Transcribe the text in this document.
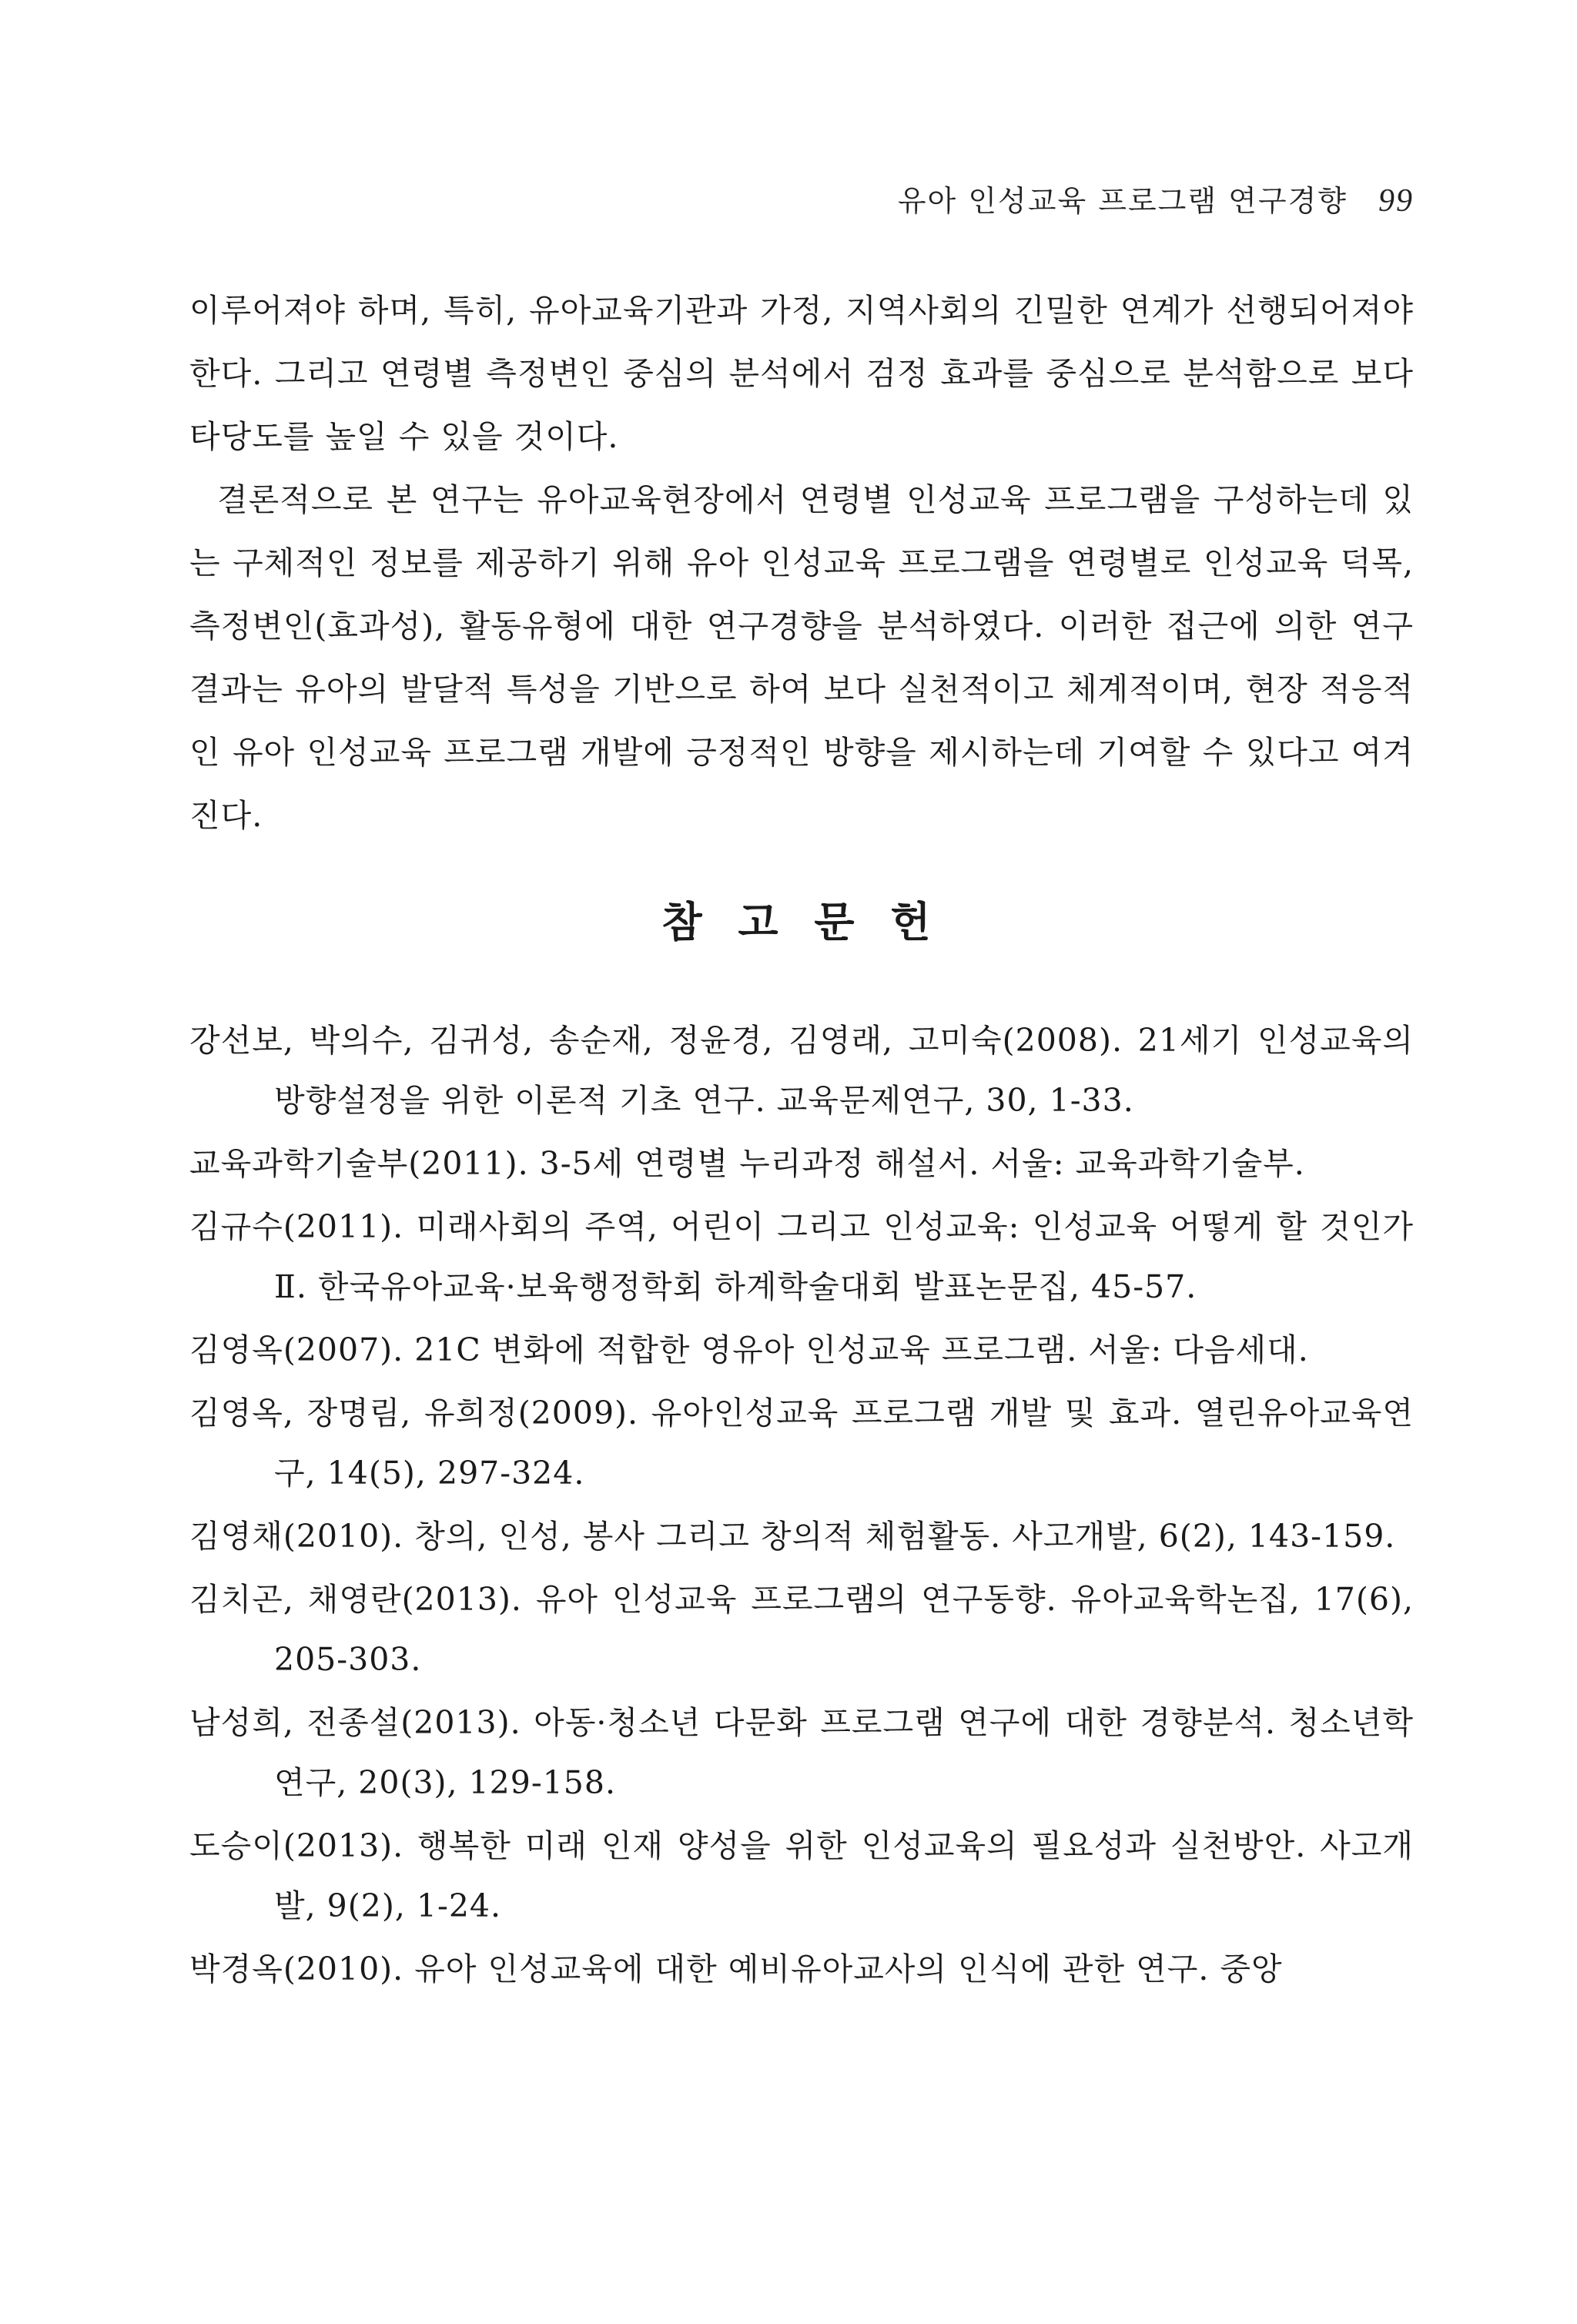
유아 인성교육 프로그램 연구경향 99

이루어져야 하며, 특히, 유아교육기관과 가정, 지역사회의 긴밀한 연계가 선행되어져야 한다. 그리고 연령별 측정변인 중심의 분석에서 검정 효과를 중심으로 분석함으로 보다 타당도를 높일 수 있을 것이다.

결론적으로 본 연구는 유아교육현장에서 연령별 인성교육 프로그램을 구성하는데 있는 구체적인 정보를 제공하기 위해 유아 인성교육 프로그램을 연령별로 인성교육 덕목, 측정변인(효과성), 활동유형에 대한 연구경향을 분석하였다. 이러한 접근에 의한 연구결과는 유아의 발달적 특성을 기반으로 하여 보다 실천적이고 체계적이며, 현장 적응적인 유아 인성교육 프로그램 개발에 긍정적인 방향을 제시하는데 기여할 수 있다고 여겨진다.

참 고 문 헌
강선보, 박의수, 김귀성, 송순재, 정윤경, 김영래, 고미숙(2008). 21세기 인성교육의 방향설정을 위한 이론적 기초 연구. 교육문제연구, 30, 1-33.
교육과학기술부(2011). 3-5세 연령별 누리과정 해설서. 서울: 교육과학기술부.
김규수(2011). 미래사회의 주역, 어린이 그리고 인성교육: 인성교육 어떻게 할 것인가 Ⅱ. 한국유아교육·보육행정학회 하계학술대회 발표논문집, 45-57.
김영옥(2007). 21C 변화에 적합한 영유아 인성교육 프로그램. 서울: 다음세대.
김영옥, 장명림, 유희정(2009). 유아인성교육 프로그램 개발 및 효과. 열린유아교육연구, 14(5), 297-324.
김영채(2010). 창의, 인성, 봉사 그리고 창의적 체험활동. 사고개발, 6(2), 143-159.
김치곤, 채영란(2013). 유아 인성교육 프로그램의 연구동향. 유아교육학논집, 17(6), 205-303.
남성희, 전종설(2013). 아동·청소년 다문화 프로그램 연구에 대한 경향분석. 청소년학연구, 20(3), 129-158.
도승이(2013). 행복한 미래 인재 양성을 위한 인성교육의 필요성과 실천방안. 사고개발, 9(2), 1-24.
박경옥(2010). 유아 인성교육에 대한 예비유아교사의 인식에 관한 연구. 중앙
